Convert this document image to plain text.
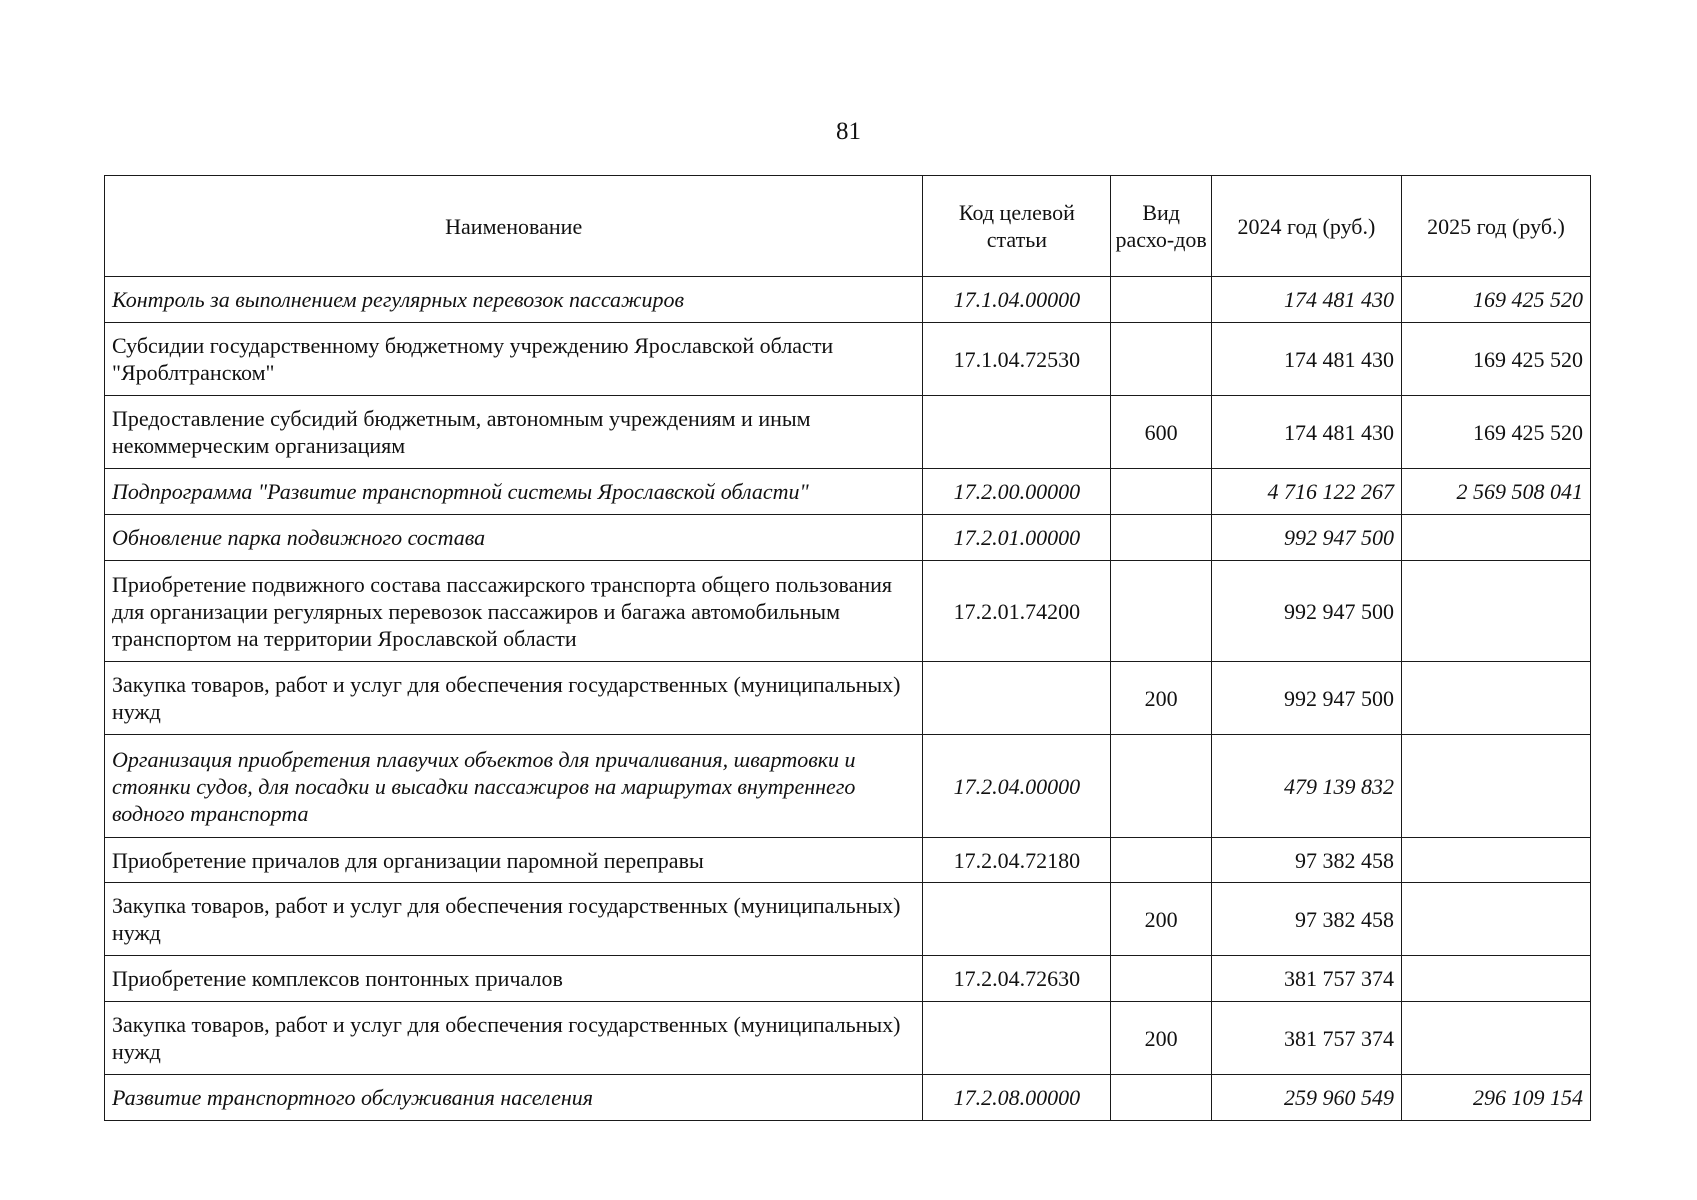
81
Наименование	Код целевой статьи	Вид расхо-дов	2024 год (руб.)	2025 год (руб.)
Контроль за выполнением регулярных перевозок пассажиров	17.1.04.00000		174 481 430	169 425 520
Субсидии государственному бюджетному учреждению Ярославской области "Яроблтранском"	17.1.04.72530		174 481 430	169 425 520
Предоставление субсидий бюджетным, автономным учреждениям и иным некоммерческим организациям		600	174 481 430	169 425 520
Подпрограмма "Развитие транспортной системы Ярославской области"	17.2.00.00000		4 716 122 267	2 569 508 041
Обновление парка подвижного состава	17.2.01.00000		992 947 500	
Приобретение подвижного состава пассажирского транспорта общего пользования для организации регулярных перевозок пассажиров и багажа автомобильным транспортом на территории Ярославской области	17.2.01.74200		992 947 500	
Закупка товаров, работ и услуг для обеспечения государственных (муниципальных) нужд		200	992 947 500	
Организация приобретения плавучих объектов для причаливания, швартовки и стоянки судов, для посадки и высадки пассажиров на маршрутах внутреннего водного транспорта	17.2.04.00000		479 139 832	
Приобретение причалов для организации паромной переправы	17.2.04.72180		97 382 458	
Закупка товаров, работ и услуг для обеспечения государственных (муниципальных) нужд		200	97 382 458	
Приобретение комплексов понтонных причалов	17.2.04.72630		381 757 374	
Закупка товаров, работ и услуг для обеспечения государственных (муниципальных) нужд		200	381 757 374	
Развитие транспортного обслуживания населения	17.2.08.00000		259 960 549	296 109 154
